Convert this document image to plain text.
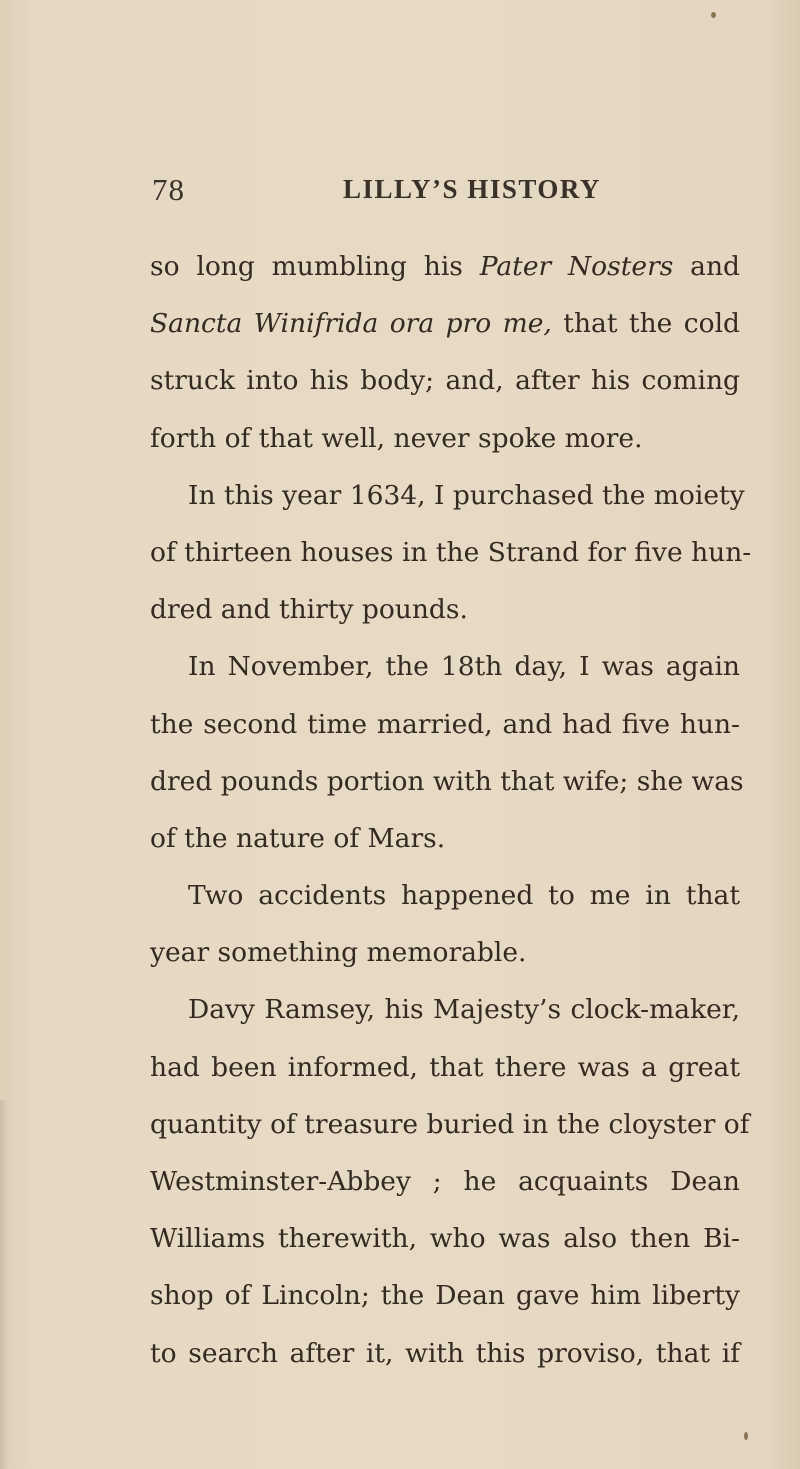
78	LILLY’S HISTORY
so long mumbling his Pater Nosters and
Sancta Winifrida ora pro me, that the cold
struck into his body; and, after his coming
forth of that well, never spoke more.
In this year 1634, I purchased the moiety
of thirteen houses in the Strand for five hun-
dred and thirty pounds.
In November, the 18th day, I was again
the second time married, and had five hun-
dred pounds portion with that wife; she was
of the nature of Mars.
Two accidents happened to me in that
year something memorable.
Davy Ramsey, his Majesty’s clock-maker,
had been informed, that there was a great
quantity of treasure buried in the cloyster of
Westminster-Abbey ; he acquaints Dean
Williams therewith, who was also then Bi-
shop of Lincoln; the Dean gave him liberty
to search after it, with this proviso, that if
